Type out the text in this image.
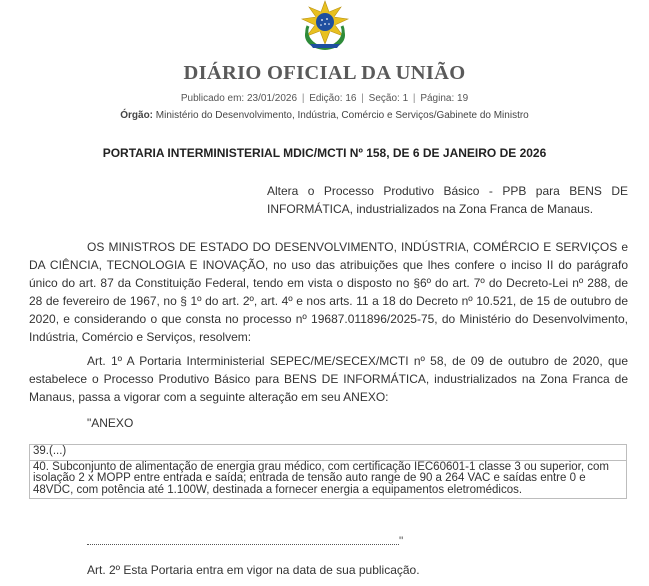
DIÁRIO OFICIAL DA UNIÃO
Publicado em: 23/01/2026 | Edição: 16 | Seção: 1 | Página: 19
Órgão: Ministério do Desenvolvimento, Indústria, Comércio e Serviços/Gabinete do Ministro
PORTARIA INTERMINISTERIAL MDIC/MCTI Nº 158, DE 6 DE JANEIRO DE 2026
Altera o Processo Produtivo Básico - PPB para BENS DE INFORMÁTICA, industrializados na Zona Franca de Manaus.

OS MINISTROS DE ESTADO DO DESENVOLVIMENTO, INDÚSTRIA, COMÉRCIO E SERVIÇOS e DA CIÊNCIA, TECNOLOGIA E INOVAÇÃO, no uso das atribuições que lhes confere o inciso II do parágrafo único do art. 87 da Constituição Federal, tendo em vista o disposto no §6º do art. 7º do Decreto-Lei nº 288, de 28 de fevereiro de 1967, no § 1º do art. 2º, art. 4º e nos arts. 11 a 18 do Decreto nº 10.521, de 15 de outubro de 2020, e considerando o que consta no processo nº 19687.011896/2025-75, do Ministério do Desenvolvimento, Indústria, Comércio e Serviços, resolvem:

Art. 1º A Portaria Interministerial SEPEC/ME/SECEX/MCTI nº 58, de 09 de outubro de 2020, que estabelece o Processo Produtivo Básico para BENS DE INFORMÁTICA, industrializados na Zona Franca de Manaus, passa a vigorar com a seguinte alteração em seu ANEXO:

"ANEXO

39.(...)
40. Subconjunto de alimentação de energia grau médico, com certificação IEC60601-1 classe 3 ou superior, com isolação 2 x MOPP entre entrada e saída; entrada de tensão auto range de 90 a 264 VAC e saídas entre 0 e 48VDC, com potência até 1.100W, destinada a fornecer energia a equipamentos eletromédicos.
"

Art. 2º Esta Portaria entra em vigor na data de sua publicação.
